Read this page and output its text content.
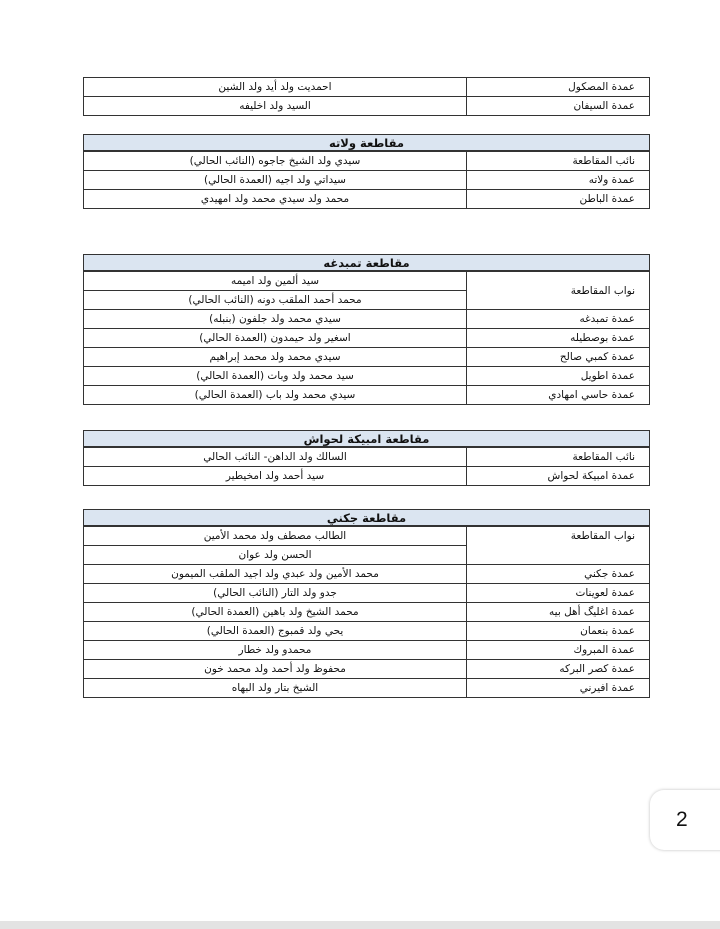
عمدة المصكول	احمديت ولد أيد ولد الشين
عمدة السيفان	السيد ولد اخليفه
مقاطعة ولاته
نائب المقاطعة	سيدي ولد الشيخ جاجوه (النائب الحالي)
عمدة ولاته	سيداتي ولد اجيه (العمدة الحالي)
عمدة الباطن	محمد ولد سيدي محمد ولد امهيدي
مقاطعة تمبدغه
نواب المقاطعة	سيد ألمين ولد اميمه
	محمد أحمد الملقب دونه (النائب الحالي)
عمدة تمبدغه	سيدي محمد ولد جلفون (بنبله)
عمدة بوصطيله	اسغير ولد حيمدون (العمدة الحالي)
عمدة كمبي صالح	سيدي محمد ولد محمد إبراهيم
عمدة اطويل	سيد محمد ولد وبات (العمدة الحالي)
عمدة حاسي امهادي	سيدي محمد ولد باب (العمدة الحالي)
مقاطعة امبيكة لحواش
نائب المقاطعة	السالك ولد الداهن- النائب الحالي
عمدة امبيكة لحواش	سيد أحمد ولد امخيطير
مقاطعة جكني
نواب المقاطعة	الطالب مصطف ولد محمد الأمين
	الحسن ولد عوان
عمدة جكني	محمد الأمين ولد عبدي ولد اجيد الملقب الميمون
عمدة لعوينات	جدو ولد التار (النائب الحالي)
عمدة اغليگ أهل بيه	محمد الشيخ ولد باهين (العمدة الحالي)
عمدة بنعمان	يحي ولد قمبوج (العمدة الحالي)
عمدة المبروك	محمدو ولد خطار
عمدة كصر البركه	محفوظ ولد أحمد ولد محمد خون
عمدة افيرني	الشيخ بتار ولد البهاه
2
